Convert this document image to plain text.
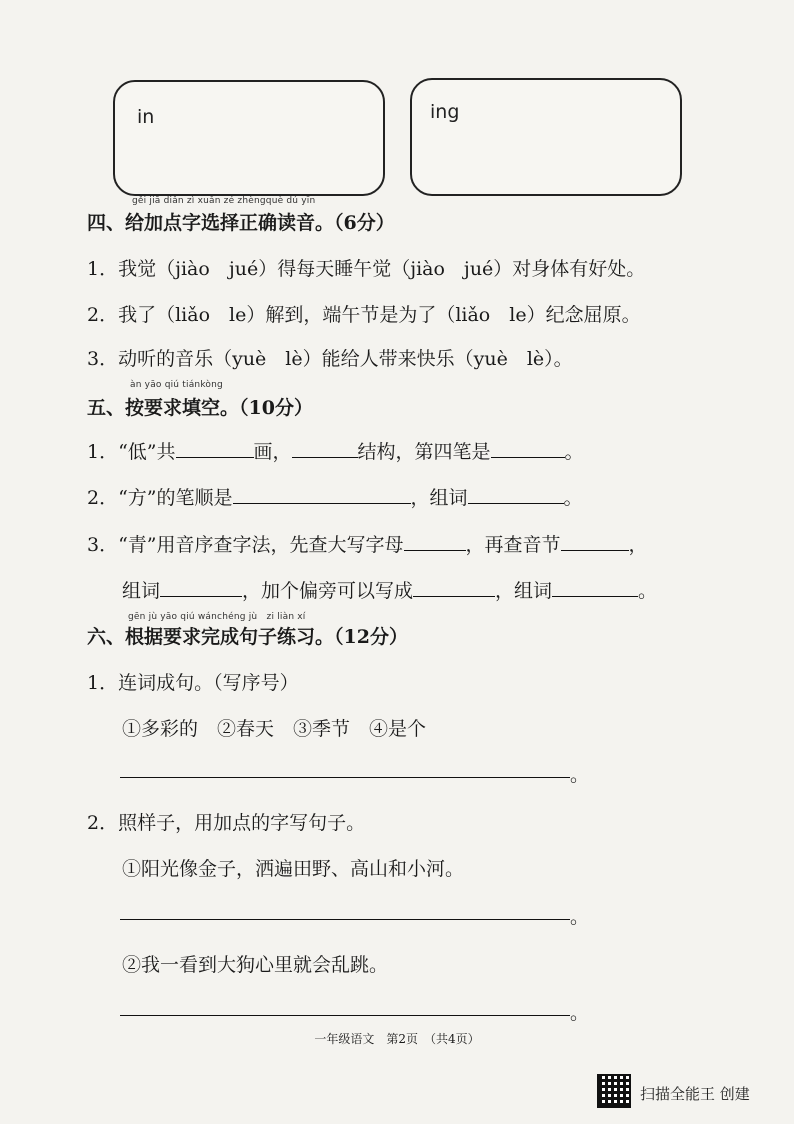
in	ing
gěi jiā diǎn zì xuǎn zé zhèngquè dú yīn
四、给加点字选择正确读音。（6分）
1．我觉（jiào　jué）得每天睡午觉（jiào　jué）对身体有好处。
2．我了（liǎo　le）解到，端午节是为了（liǎo　le）纪念屈原。
3．动听的音乐（yuè　lè）能给人带来快乐（yuè　lè）。
àn yāo qiú tiánkòng
五、按要求填空。（10分）
1．“低”共	画，	结构，第四笔是	。
2．“方”的笔顺是	，组词	。
3．“青”用音序查字法，先查大写字母	，再查音节	，
组词	，加个偏旁可以写成	，组词	。
gēn jù yāo qiú wánchéng jù　zi liàn xí
六、根据要求完成句子练习。（12分）
1．连词成句。（写序号）
①多彩的　②春天　③季节　④是个
。
2．照样子，用加点的字写句子。
①阳光像金子，洒遍田野、高山和小河。
。
②我一看到大狗心里就会乱跳。
。
一年级语文　第2页　（共4页）
扫描全能王 创建
